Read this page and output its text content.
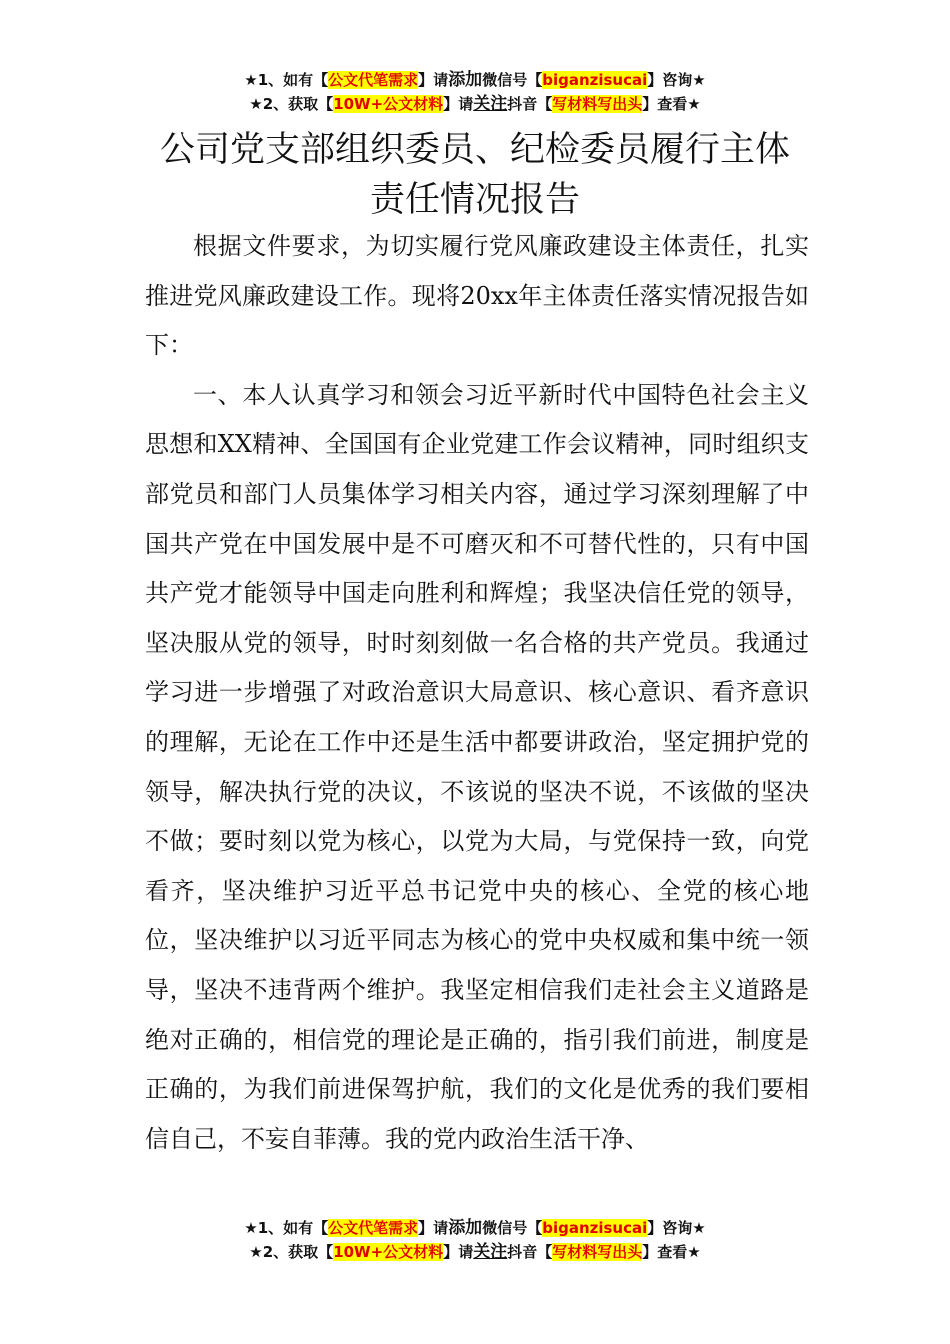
★1、如有【公文代笔需求】请添加微信号【biganzisucai】咨询★
★2、获取【10W+公文材料】请关注抖音【写材料写出头】查看★
公司党支部组织委员、纪检委员履行主体
责任情况报告

根据文件要求，为切实履行党风廉政建设主体责任，扎实推进党风廉政建设工作。现将20xx年主体责任落实情况报告如下：

一、本人认真学习和领会习近平新时代中国特色社会主义思想和XX精神、全国国有企业党建工作会议精神，同时组织支部党员和部门人员集体学习相关内容，通过学习深刻理解了中国共产党在中国发展中是不可磨灭和不可替代性的，只有中国共产党才能领导中国走向胜利和辉煌；我坚决信任党的领导，坚决服从党的领导，时时刻刻做一名合格的共产党员。我通过学习进一步增强了对政治意识大局意识、核心意识、看齐意识的理解，无论在工作中还是生活中都要讲政治，坚定拥护党的领导，解决执行党的决议，不该说的坚决不说，不该做的坚决不做；要时刻以党为核心，以党为大局，与党保持一致，向党看齐，坚决维护习近平总书记党中央的核心、全党的核心地位，坚决维护以习近平同志为核心的党中央权威和集中统一领导，坚决不违背两个维护。我坚定相信我们走社会主义道路是绝对正确的，相信党的理论是正确的，指引我们前进，制度是正确的，为我们前进保驾护航，我们的文化是优秀的我们要相信自己，不妄自菲薄。我的党内政治生活干净、

★1、如有【公文代笔需求】请添加微信号【biganzisucai】咨询★
★2、获取【10W+公文材料】请关注抖音【写材料写出头】查看★
